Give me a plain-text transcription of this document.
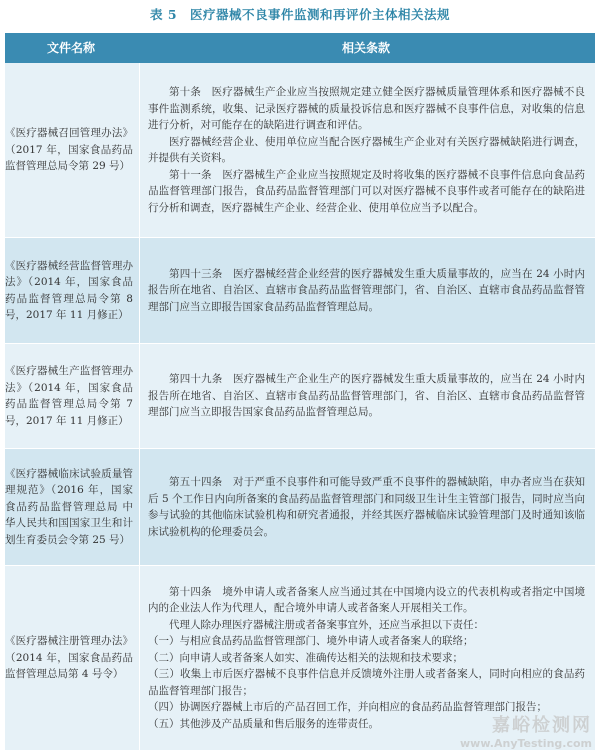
表 5　医疗器械不良事件监测和再评价主体相关法规
文件名称	相关条款
《医疗器械召回管理办法》（2017 年，国家食品药品监督管理总局令第 29 号）

第十条　医疗器械生产企业应当按照规定建立健全医疗器械质量管理体系和医疗器械不良事件监测系统，收集、记录医疗器械的质量投诉信息和医疗器械不良事件信息，对收集的信息进行分析，对可能存在的缺陷进行调查和评估。

医疗器械经营企业、使用单位应当配合医疗器械生产企业对有关医疗器械缺陷进行调查，并提供有关资料。

第十一条　医疗器械生产企业应当按照规定及时将收集的医疗器械不良事件信息向食品药品监督管理部门报告，食品药品监督管理部门可以对医疗器械不良事件或者可能存在的缺陷进行分析和调查，医疗器械生产企业、经营企业、使用单位应当予以配合。

《医疗器械经营监督管理办法》（2014 年，国家食品药品监督管理总局令第 8 号，2017 年 11 月修正）

第四十三条　医疗器械经营企业经营的医疗器械发生重大质量事故的，应当在 24 小时内报告所在地省、自治区、直辖市食品药品监督管理部门，省、自治区、直辖市食品药品监督管理部门应当立即报告国家食品药品监督管理总局。

《医疗器械生产监督管理办法》（2014 年，国家食品药品监督管理总局令第 7 号，2017 年 11 月修正）

第四十九条　医疗器械生产企业生产的医疗器械发生重大质量事故的，应当在 24 小时内报告所在地省、自治区、直辖市食品药品监督管理部门，省、自治区、直辖市食品药品监督管理部门应当立即报告国家食品药品监督管理总局。

《医疗器械临床试验质量管理规范》（2016 年，国家食品药品监督管理总局 中华人民共和国国家卫生和计划生育委员会令第 25 号）

第五十四条　对于严重不良事件和可能导致严重不良事件的器械缺陷，申办者应当在获知后 5 个工作日内向所备案的食品药品监督管理部门和同级卫生计生主管部门报告，同时应当向参与试验的其他临床试验机构和研究者通报，并经其医疗器械临床试验管理部门及时通知该临床试验机构的伦理委员会。

《医疗器械注册管理办法》（2014 年，国家食品药品监督管理总局第 4 号令）

第十四条　境外申请人或者备案人应当通过其在中国境内设立的代表机构或者指定中国境内的企业法人作为代理人，配合境外申请人或者备案人开展相关工作。

代理人除办理医疗器械注册或者备案事宜外，还应当承担以下责任：

（一）与相应食品药品监督管理部门、境外申请人或者备案人的联络；

（二）向申请人或者备案人如实、准确传达相关的法规和技术要求；

（三）收集上市后医疗器械不良事件信息并反馈境外注册人或者备案人，同时向相应的食品药品监督管理部门报告；

（四）协调医疗器械上市后的产品召回工作，并向相应的食品药品监督管理部门报告；

（五）其他涉及产品质量和售后服务的连带责任。	嘉峪检测网
www.AnyTesting.com
